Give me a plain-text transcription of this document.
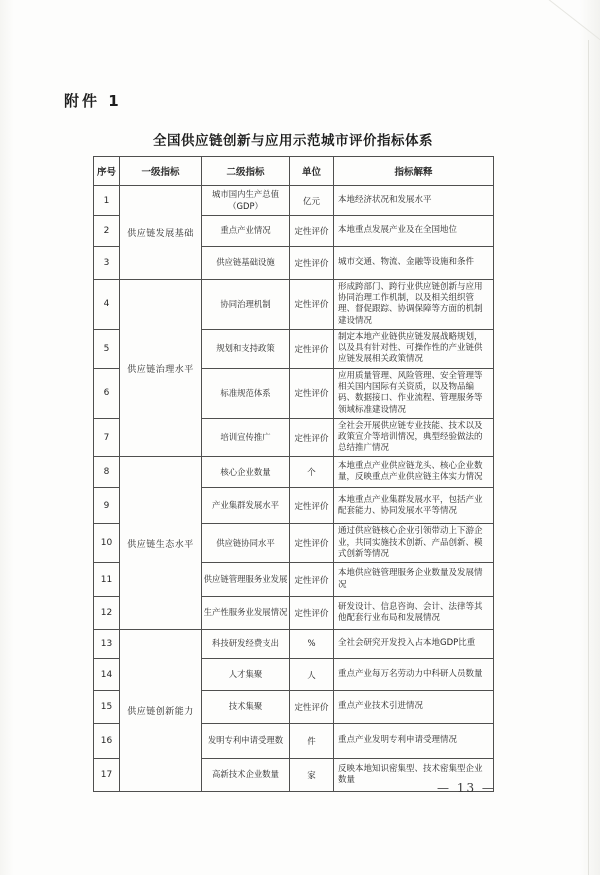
附件 1
全国供应链创新与应用示范城市评价指标体系
序号	一级指标	二级指标	单位	指标解释
1	供应链发展基础	城市国内生产总值（GDP）	亿元	本地经济状况和发展水平
2		重点产业情况	定性评价	本地重点发展产业及在全国地位
3		供应链基础设施	定性评价	城市交通、物流、金融等设施和条件
4	供应链治理水平	协同治理机制	定性评价	形成跨部门、跨行业供应链创新与应用协同治理工作机制，以及相关组织管理、督促跟踪、协调保障等方面的机制建设情况
5		规划和支持政策	定性评价	制定本地产业链供应链发展战略规划，以及具有针对性、可操作性的产业链供应链发展相关政策情况
6		标准规范体系	定性评价	应用质量管理、风险管理、安全管理等相关国内国际有关资质，以及物品编码、数据接口、作业流程、管理服务等领域标准建设情况
7		培训宣传推广	定性评价	全社会开展供应链专业技能、技术以及政策宣介等培训情况，典型经验做法的总结推广情况
8	供应链生态水平	核心企业数量	个	本地重点产业供应链龙头、核心企业数量，反映重点产业供应链主体实力情况
9		产业集群发展水平	定性评价	本地重点产业集群发展水平，包括产业配套能力、协同发展水平等情况
10		供应链协同水平	定性评价	通过供应链核心企业引领带动上下游企业，共同实施技术创新、产品创新、模式创新等情况
11		供应链管理服务业发展	定性评价	本地供应链管理服务企业数量及发展情况
12		生产性服务业发展情况	定性评价	研发设计、信息咨询、会计、法律等其他配套行业布局和发展情况
13	供应链创新能力	科技研发经费支出	%	全社会研究开发投入占本地GDP比重
14		人才集聚	人	重点产业每万名劳动力中科研人员数量
15		技术集聚	定性评价	重点产业技术引进情况
16		发明专利申请受理数	件	重点产业发明专利申请受理情况
17		高新技术企业数量	家	反映本地知识密集型、技术密集型企业数量
— 13 —
